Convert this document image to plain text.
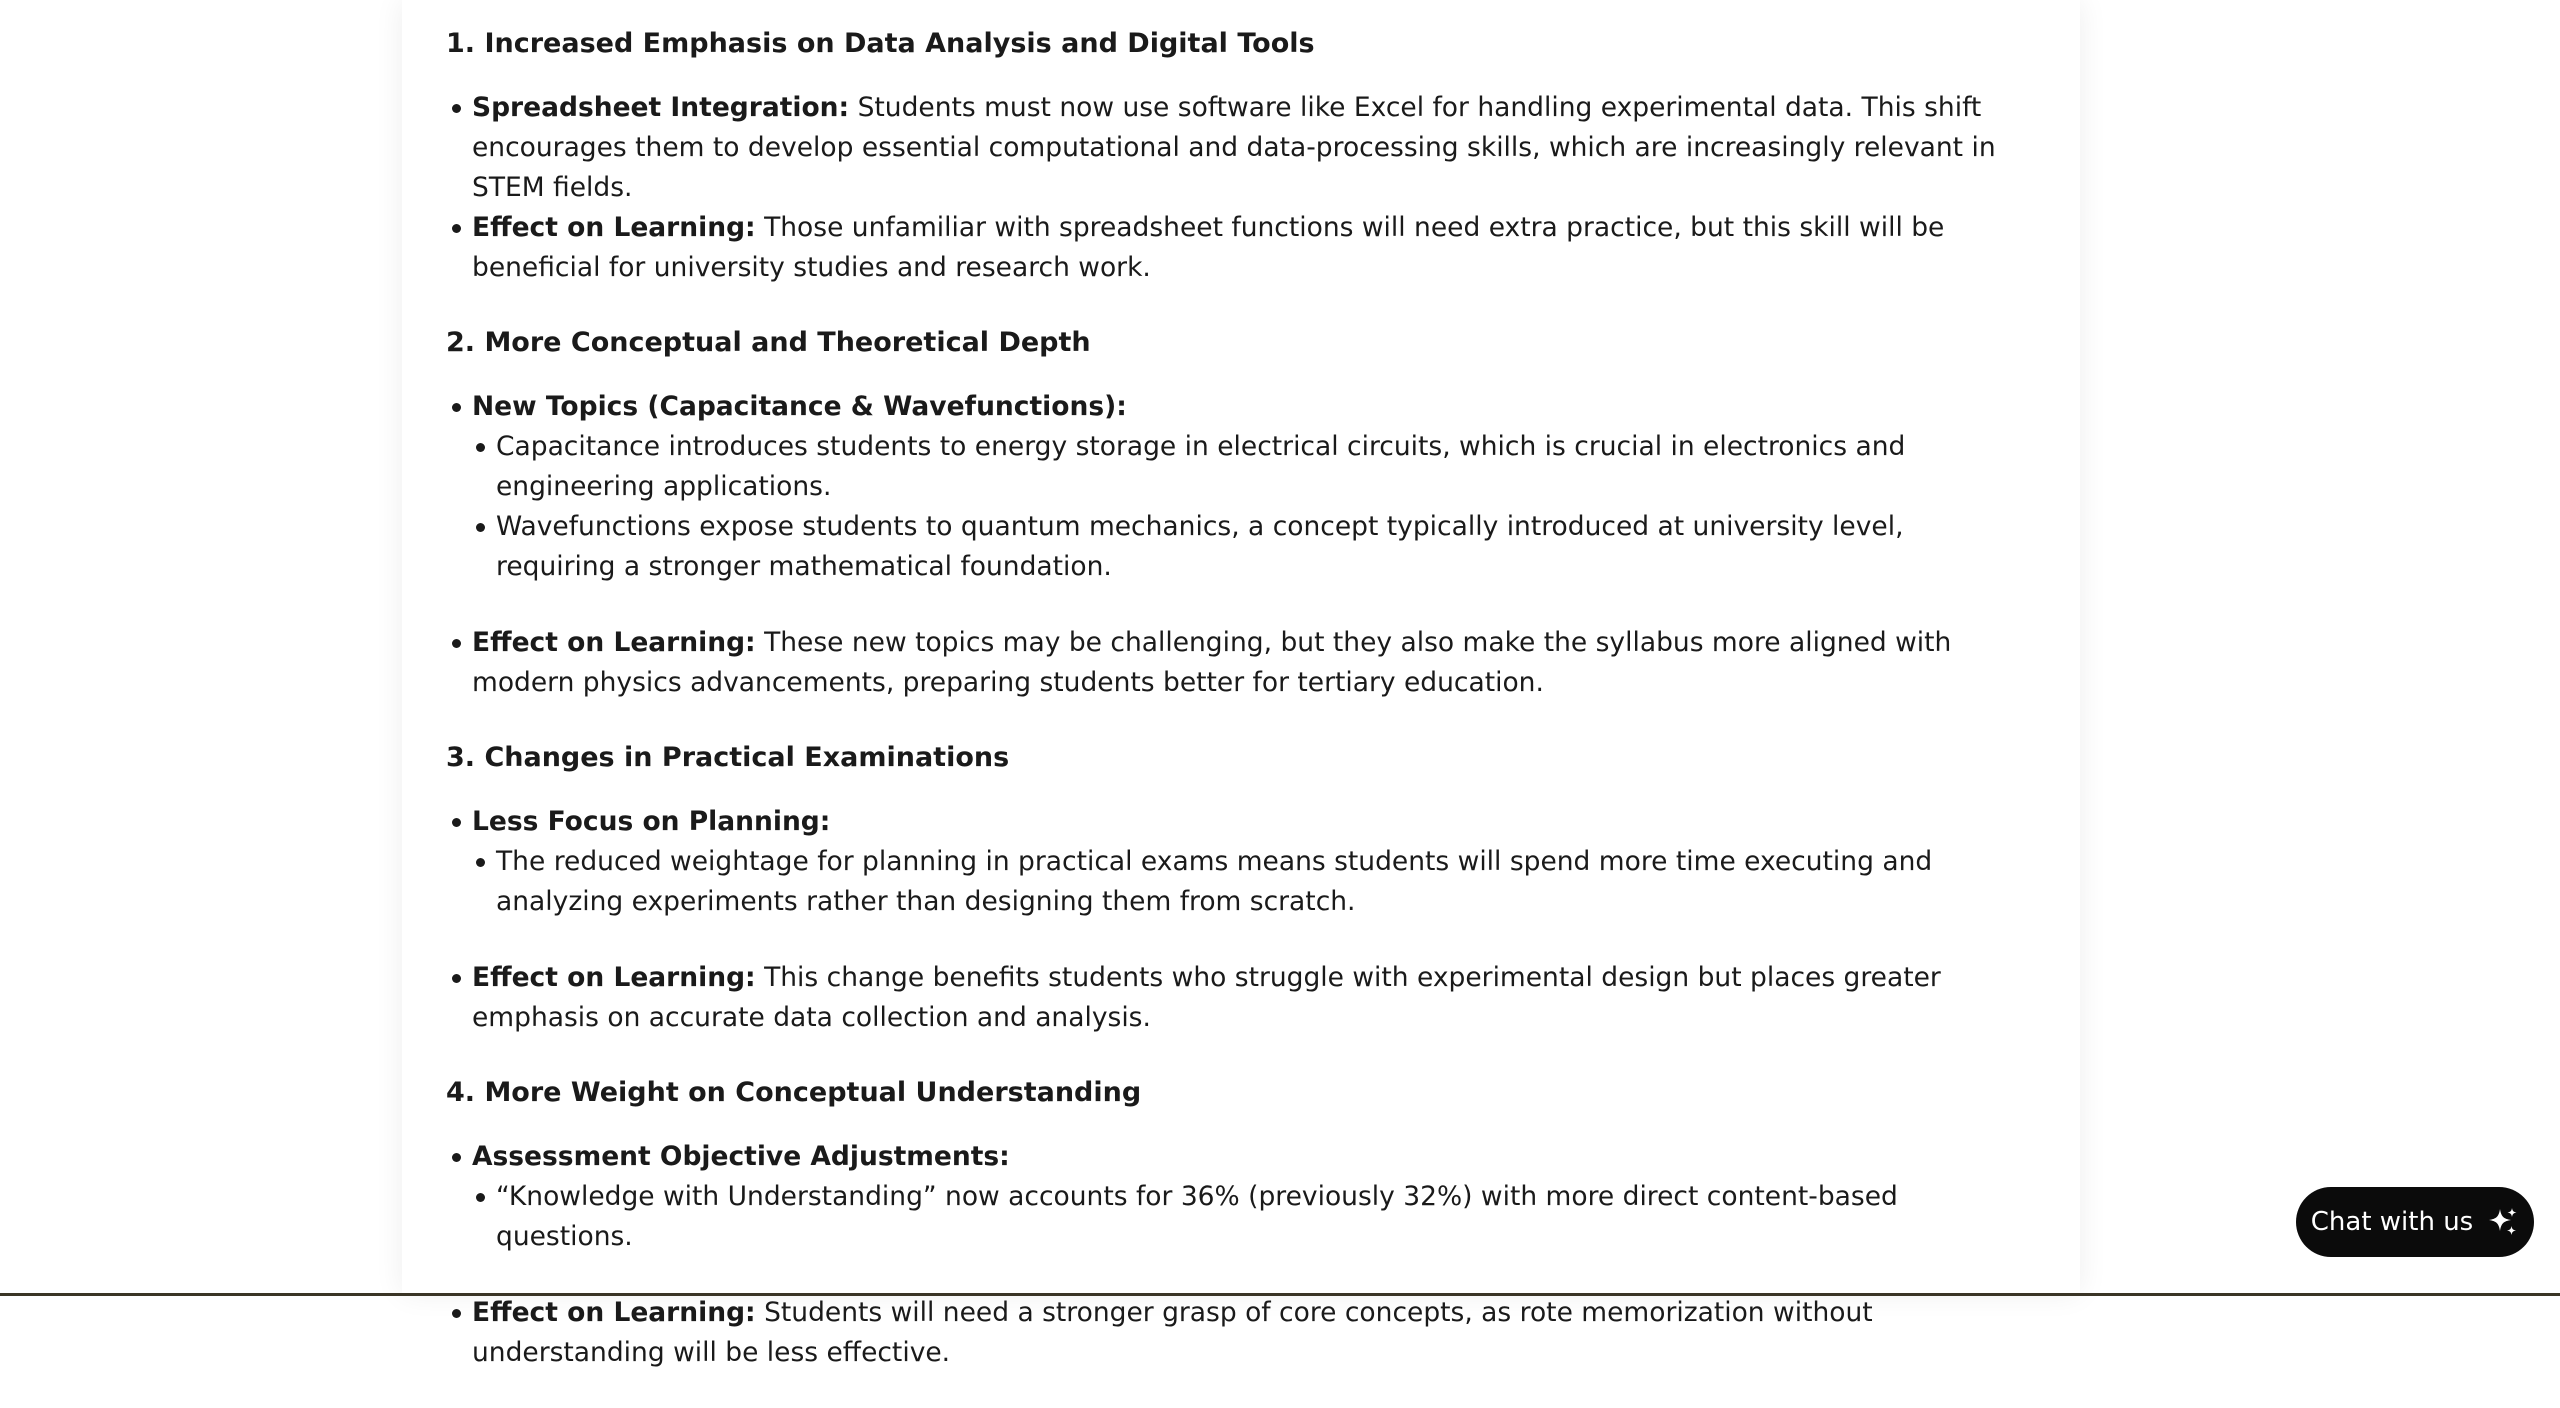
1. Increased Emphasis on Data Analysis and Digital Tools
Spreadsheet Integration: Students must now use software like Excel for handling experimental data. This shift encourages them to develop essential computational and data-processing skills, which are increasingly relevant in STEM fields.
Effect on Learning: Those unfamiliar with spreadsheet functions will need extra practice, but this skill will be beneficial for university studies and research work.
2. More Conceptual and Theoretical Depth
New Topics (Capacitance & Wavefunctions):
Capacitance introduces students to energy storage in electrical circuits, which is crucial in electronics and engineering applications.
Wavefunctions expose students to quantum mechanics, a concept typically introduced at university level, requiring a stronger mathematical foundation.
Effect on Learning: These new topics may be challenging, but they also make the syllabus more aligned with modern physics advancements, preparing students better for tertiary education.
3. Changes in Practical Examinations
Less Focus on Planning:
The reduced weightage for planning in practical exams means students will spend more time executing and analyzing experiments rather than designing them from scratch.
Effect on Learning: This change benefits students who struggle with experimental design but places greater emphasis on accurate data collection and analysis.
4. More Weight on Conceptual Understanding
Assessment Objective Adjustments:
“Knowledge with Understanding” now accounts for 36% (previously 32%) with more direct content-based questions.
Effect on Learning: Students will need a stronger grasp of core concepts, as rote memorization without understanding will be less effective.
Chat with us
